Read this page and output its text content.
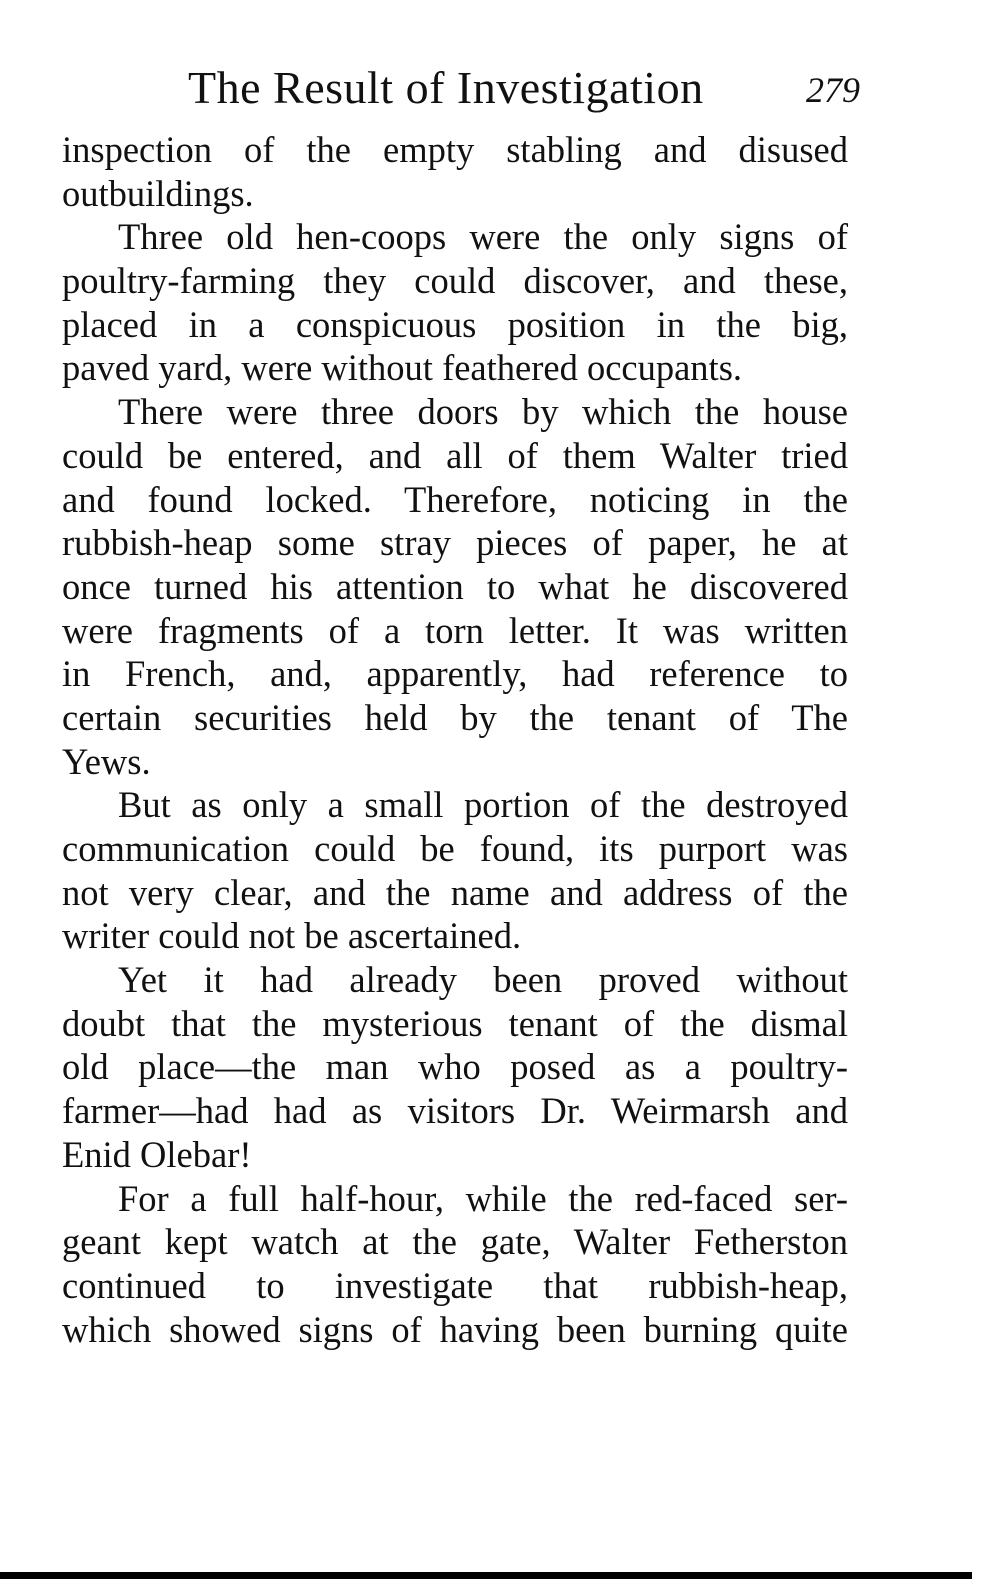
The Result of Investigation	279
inspection of the empty stabling and disused
outbuildings.
Three old hen-coops were the only signs of
poultry-farming they could discover, and these,
placed in a conspicuous position in the big,
paved yard, were without feathered occupants.
There were three doors by which the house
could be entered, and all of them Walter tried
and found locked. Therefore, noticing in the
rubbish-heap some stray pieces of paper, he at
once turned his attention to what he discovered
were fragments of a torn letter. It was written
in French, and, apparently, had reference to
certain securities held by the tenant of The
Yews.
But as only a small portion of the destroyed
communication could be found, its purport was
not very clear, and the name and address of the
writer could not be ascertained.
Yet it had already been proved without
doubt that the mysterious tenant of the dismal
old place—the man who posed as a poultry-
farmer—had had as visitors Dr. Weirmarsh and
Enid Olebar!
For a full half-hour, while the red-faced ser-
geant kept watch at the gate, Walter Fetherston
continued to investigate that rubbish-heap,
which showed signs of having been burning quite
